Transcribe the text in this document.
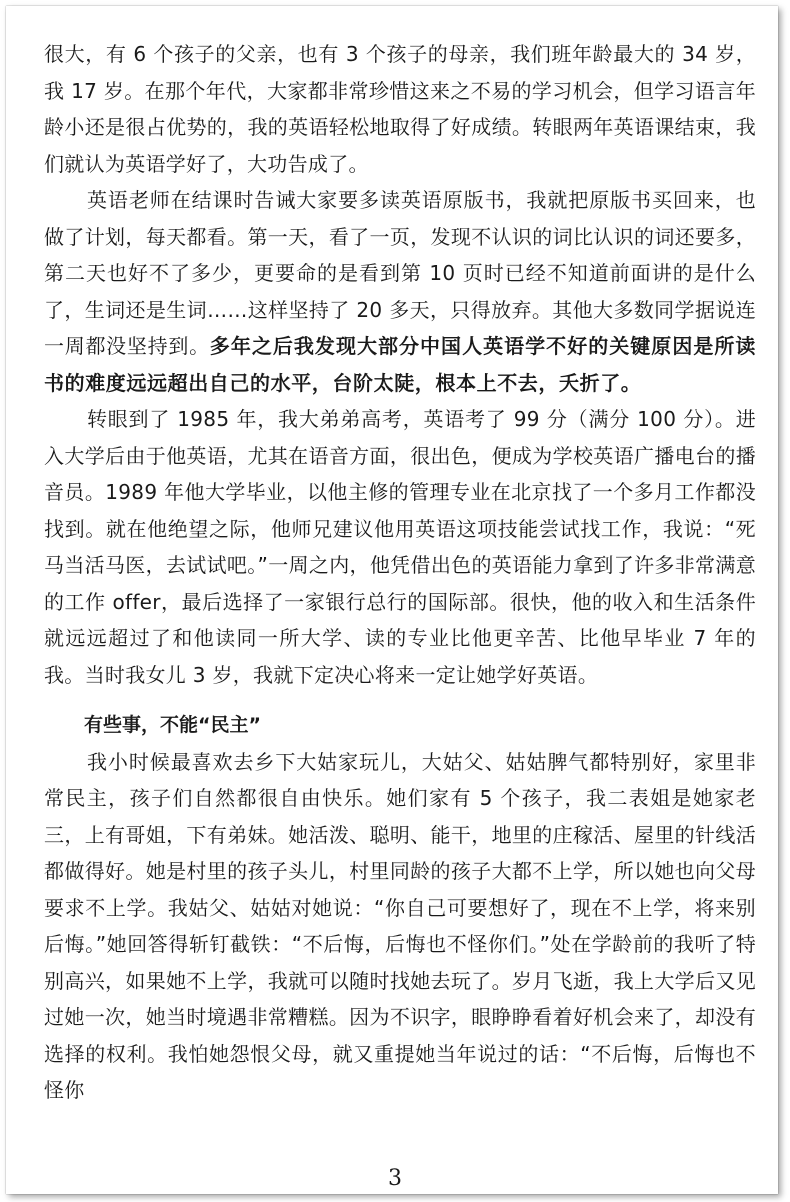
很大，有 6 个孩子的父亲，也有 3 个孩子的母亲，我们班年龄最大的 34 岁，我 17 岁。在那个年代，大家都非常珍惜这来之不易的学习机会，但学习语言年龄小还是很占优势的，我的英语轻松地取得了好成绩。转眼两年英语课结束，我们就认为英语学好了，大功告成了。

英语老师在结课时告诫大家要多读英语原版书，我就把原版书买回来，也做了计划，每天都看。第一天，看了一页，发现不认识的词比认识的词还要多，第二天也好不了多少，更要命的是看到第 10 页时已经不知道前面讲的是什么了，生词还是生词……这样坚持了 20 多天，只得放弃。其他大多数同学据说连一周都没坚持到。多年之后我发现大部分中国人英语学不好的关键原因是所读书的难度远远超出自己的水平，台阶太陡，根本上不去，夭折了。

转眼到了 1985 年，我大弟弟高考，英语考了 99 分（满分 100 分）。进入大学后由于他英语，尤其在语音方面，很出色，便成为学校英语广播电台的播音员。1989 年他大学毕业，以他主修的管理专业在北京找了一个多月工作都没找到。就在他绝望之际，他师兄建议他用英语这项技能尝试找工作，我说：“死马当活马医，去试试吧。”一周之内，他凭借出色的英语能力拿到了许多非常满意的工作 offer，最后选择了一家银行总行的国际部。很快，他的收入和生活条件就远远超过了和他读同一所大学、读的专业比他更辛苦、比他早毕业 7 年的我。当时我女儿 3 岁，我就下定决心将来一定让她学好英语。

有些事，不能“民主”

我小时候最喜欢去乡下大姑家玩儿，大姑父、姑姑脾气都特别好，家里非常民主，孩子们自然都很自由快乐。她们家有 5 个孩子，我二表姐是她家老三，上有哥姐，下有弟妹。她活泼、聪明、能干，地里的庄稼活、屋里的针线活都做得好。她是村里的孩子头儿，村里同龄的孩子大都不上学，所以她也向父母要求不上学。我姑父、姑姑对她说：“你自己可要想好了，现在不上学，将来别后悔。”她回答得斩钉截铁：“不后悔，后悔也不怪你们。”处在学龄前的我听了特别高兴，如果她不上学，我就可以随时找她去玩了。岁月飞逝，我上大学后又见过她一次，她当时境遇非常糟糕。因为不识字，眼睁睁看着好机会来了，却没有选择的权利。我怕她怨恨父母，就又重提她当年说过的话：“不后悔，后悔也不怪你

3
